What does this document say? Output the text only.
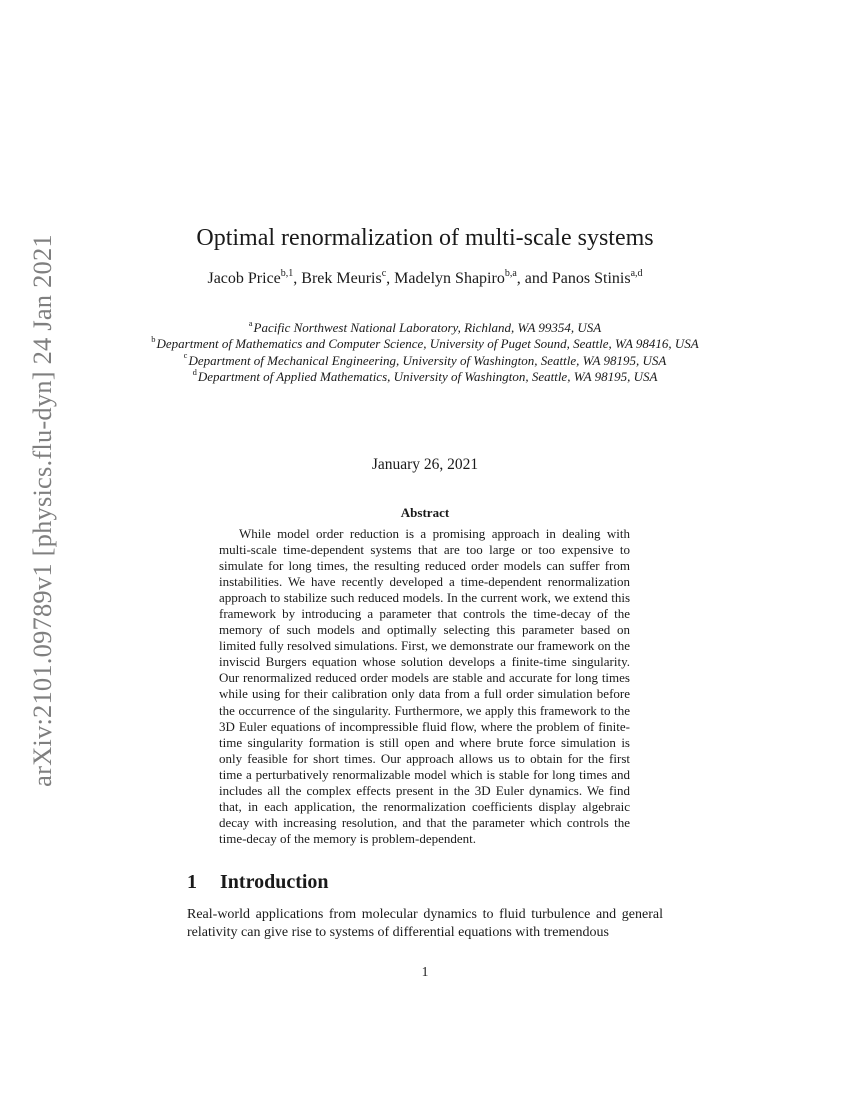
arXiv:2101.09789v1 [physics.flu-dyn] 24 Jan 2021	Optimal renormalization of multi-scale systems
Jacob Price$^{b,1}$, Brek Meuris$^c$, Madelyn Shapiro$^{b,a}$, and Panos Stinis$^{a,d}$
$^a$Pacific Northwest National Laboratory, Richland, WA 99354, USA
$^b$Department of Mathematics and Computer Science, University of Puget Sound, Seattle, WA 98416, USA
$^c$Department of Mechanical Engineering, University of Washington, Seattle, WA 98195, USA
$^d$Department of Applied Mathematics, University of Washington, Seattle, WA 98195, USA
January 26, 2021
Abstract

While model order reduction is a promising approach in dealing with multi-scale time-dependent systems that are too large or too expensive to simulate for long times, the resulting reduced order models can suffer from instabilities. We have recently developed a time-dependent renormalization approach to stabilize such reduced models. In the current work, we extend this framework by introducing a parameter that controls the time-decay of the memory of such models and optimally selecting this parameter based on limited fully resolved simulations. First, we demonstrate our framework on the inviscid Burgers equation whose solution develops a finite-time singularity. Our renormalized reduced order models are stable and accurate for long times while using for their calibration only data from a full order simulation before the occurrence of the singularity. Furthermore, we apply this framework to the 3D Euler equations of incompressible fluid flow, where the problem of finite-time singularity formation is still open and where brute force simulation is only feasible for short times. Our approach allows us to obtain for the first time a perturbatively renormalizable model which is stable for long times and includes all the complex effects present in the 3D Euler dynamics. We find that, in each application, the renormalization coefficients display algebraic decay with increasing resolution, and that the parameter which controls the time-decay of the memory is problem-dependent.

1 Introduction

Real-world applications from molecular dynamics to fluid turbulence and general relativity can give rise to systems of differential equations with tremendous

1
